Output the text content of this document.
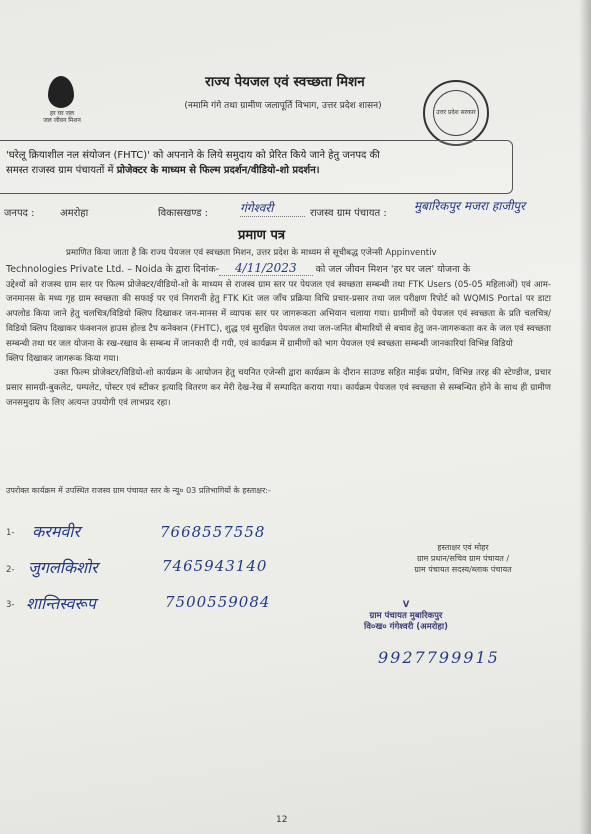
हर घर जल
जल जीवन मिशन
राज्य पेयजल एवं स्वच्छता मिशन
(नमामि गंगे तथा ग्रामीण जलापूर्ति विभाग, उत्तर प्रदेश शासन)
उत्तर प्रदेश सरकार
'घरेलू क्रियाशील नल संयोजन (FHTC)' को अपनाने के लिये समुदाय को प्रेरित किये जाने हेतु जनपद की
समस्त राजस्व ग्राम पंचायतों में प्रोजेक्टर के माध्यम से फिल्म प्रदर्शन/वीडियो-शो प्रदर्शन।
जनपद :	अमरोहा	विकासखण्ड :	गंगेश्वरी	राजस्व ग्राम पंचायत :
मुबारिकपुर मजरा हाजीपुर
प्रमाण पत्र

प्रमाणित किया जाता है कि राज्य पेयजल एवं स्वच्छता मिशन, उत्तर प्रदेश के माध्यम से सूचीबद्ध एजेन्सी Appinventiv

Technologies Private Ltd. – Noida के द्वारा दिनांक- 4/11/2023 को जल जीवन मिशन 'हर घर जल' योजना के

उद्देश्यों को राजस्व ग्राम स्तर पर फिल्म प्रोजेक्टर/वीडियो-शो के माध्यम से राजस्व ग्राम स्तर पर पेयजल एवं स्वच्छता सम्बन्धी तथा FTK Users (05-05 महिलाओं) एवं आम-जनमानस के मध्य गृह ग्राम स्वच्छता की सफाई पर एवं निगरानी हेतु FTK Kit जल जाँच प्रक्रिया विधि प्रचार-प्रसार तथा जल परीक्षण रिपोर्ट को WQMIS Portal पर डाटा अपलोड किया जाने हेतु चलचित्र/विडियो क्लिप दिखाकर जन-मानस में व्यापक स्तर पर जागरूकता अभियान चलाया गया। ग्रामीणों को पेयजल एवं स्वच्छता के प्रति चलचित्र/विडियो क्लिप दिखाकर फंक्शनल हाउस होल्ड टैप कनेक्शन (FHTC), शुद्ध एवं सुरक्षित पेयजल तथा जल-जनित बीमारियों से बचाव हेतु जन-जागरूकता कर के जल एवं स्वच्छता सम्बन्धी तथा घर जल योजना के रख-रखाव के सम्बन्ध में जानकारी दी गयी, एवं कार्यक्रम में ग्रामीणों को भाग पेयजल एवं स्वच्छता सम्बन्धी जानकारियां विभिन्न विडियो

क्लिप दिखाकर जागरूक किया गया।

उक्त फिल्म प्रोजेक्टर/विडियो-शो कार्यक्रम के आयोजन हेतु चयनित एजेन्सी द्वारा कार्यक्रम के दौरान साउण्ड सहित माईक प्रयोग, विभिन्न तरह की स्टेण्डीज, प्रचार प्रसार सामग्री-बुकलेट, पम्पलेट, पोस्टर एवं स्टीकर इत्यादि वितरण कर मेरी देख-रेख में सम्पादित कराया गया। कार्यक्रम पेयजल एवं स्वच्छता से सम्बन्धित होने के साथ ही ग्रामीण जनसमुदाय के लिए अत्यन्त उपयोगी एवं लाभप्रद रहा।

उपरोक्त कार्यक्रम में उपस्थित राजस्व ग्राम पंचायत स्तर के न्यू० 03 प्रतिभागियों के हस्ताक्षर:-
1- करमवीर	7668557558
2- जुगलकिशोर	7465943140
3- शान्तिस्वरूप	7500559084
हस्ताक्षर एवं मोहर
ग्राम प्रधान/सचिव ग्राम पंचायत /
ग्राम पंचायत सदस्य/ब्लाक पंचायत
V
ग्राम पंचायत मुबारिकपुर
वि०ख० गंगेश्वरी (अमरोहा)
9927799915
12
